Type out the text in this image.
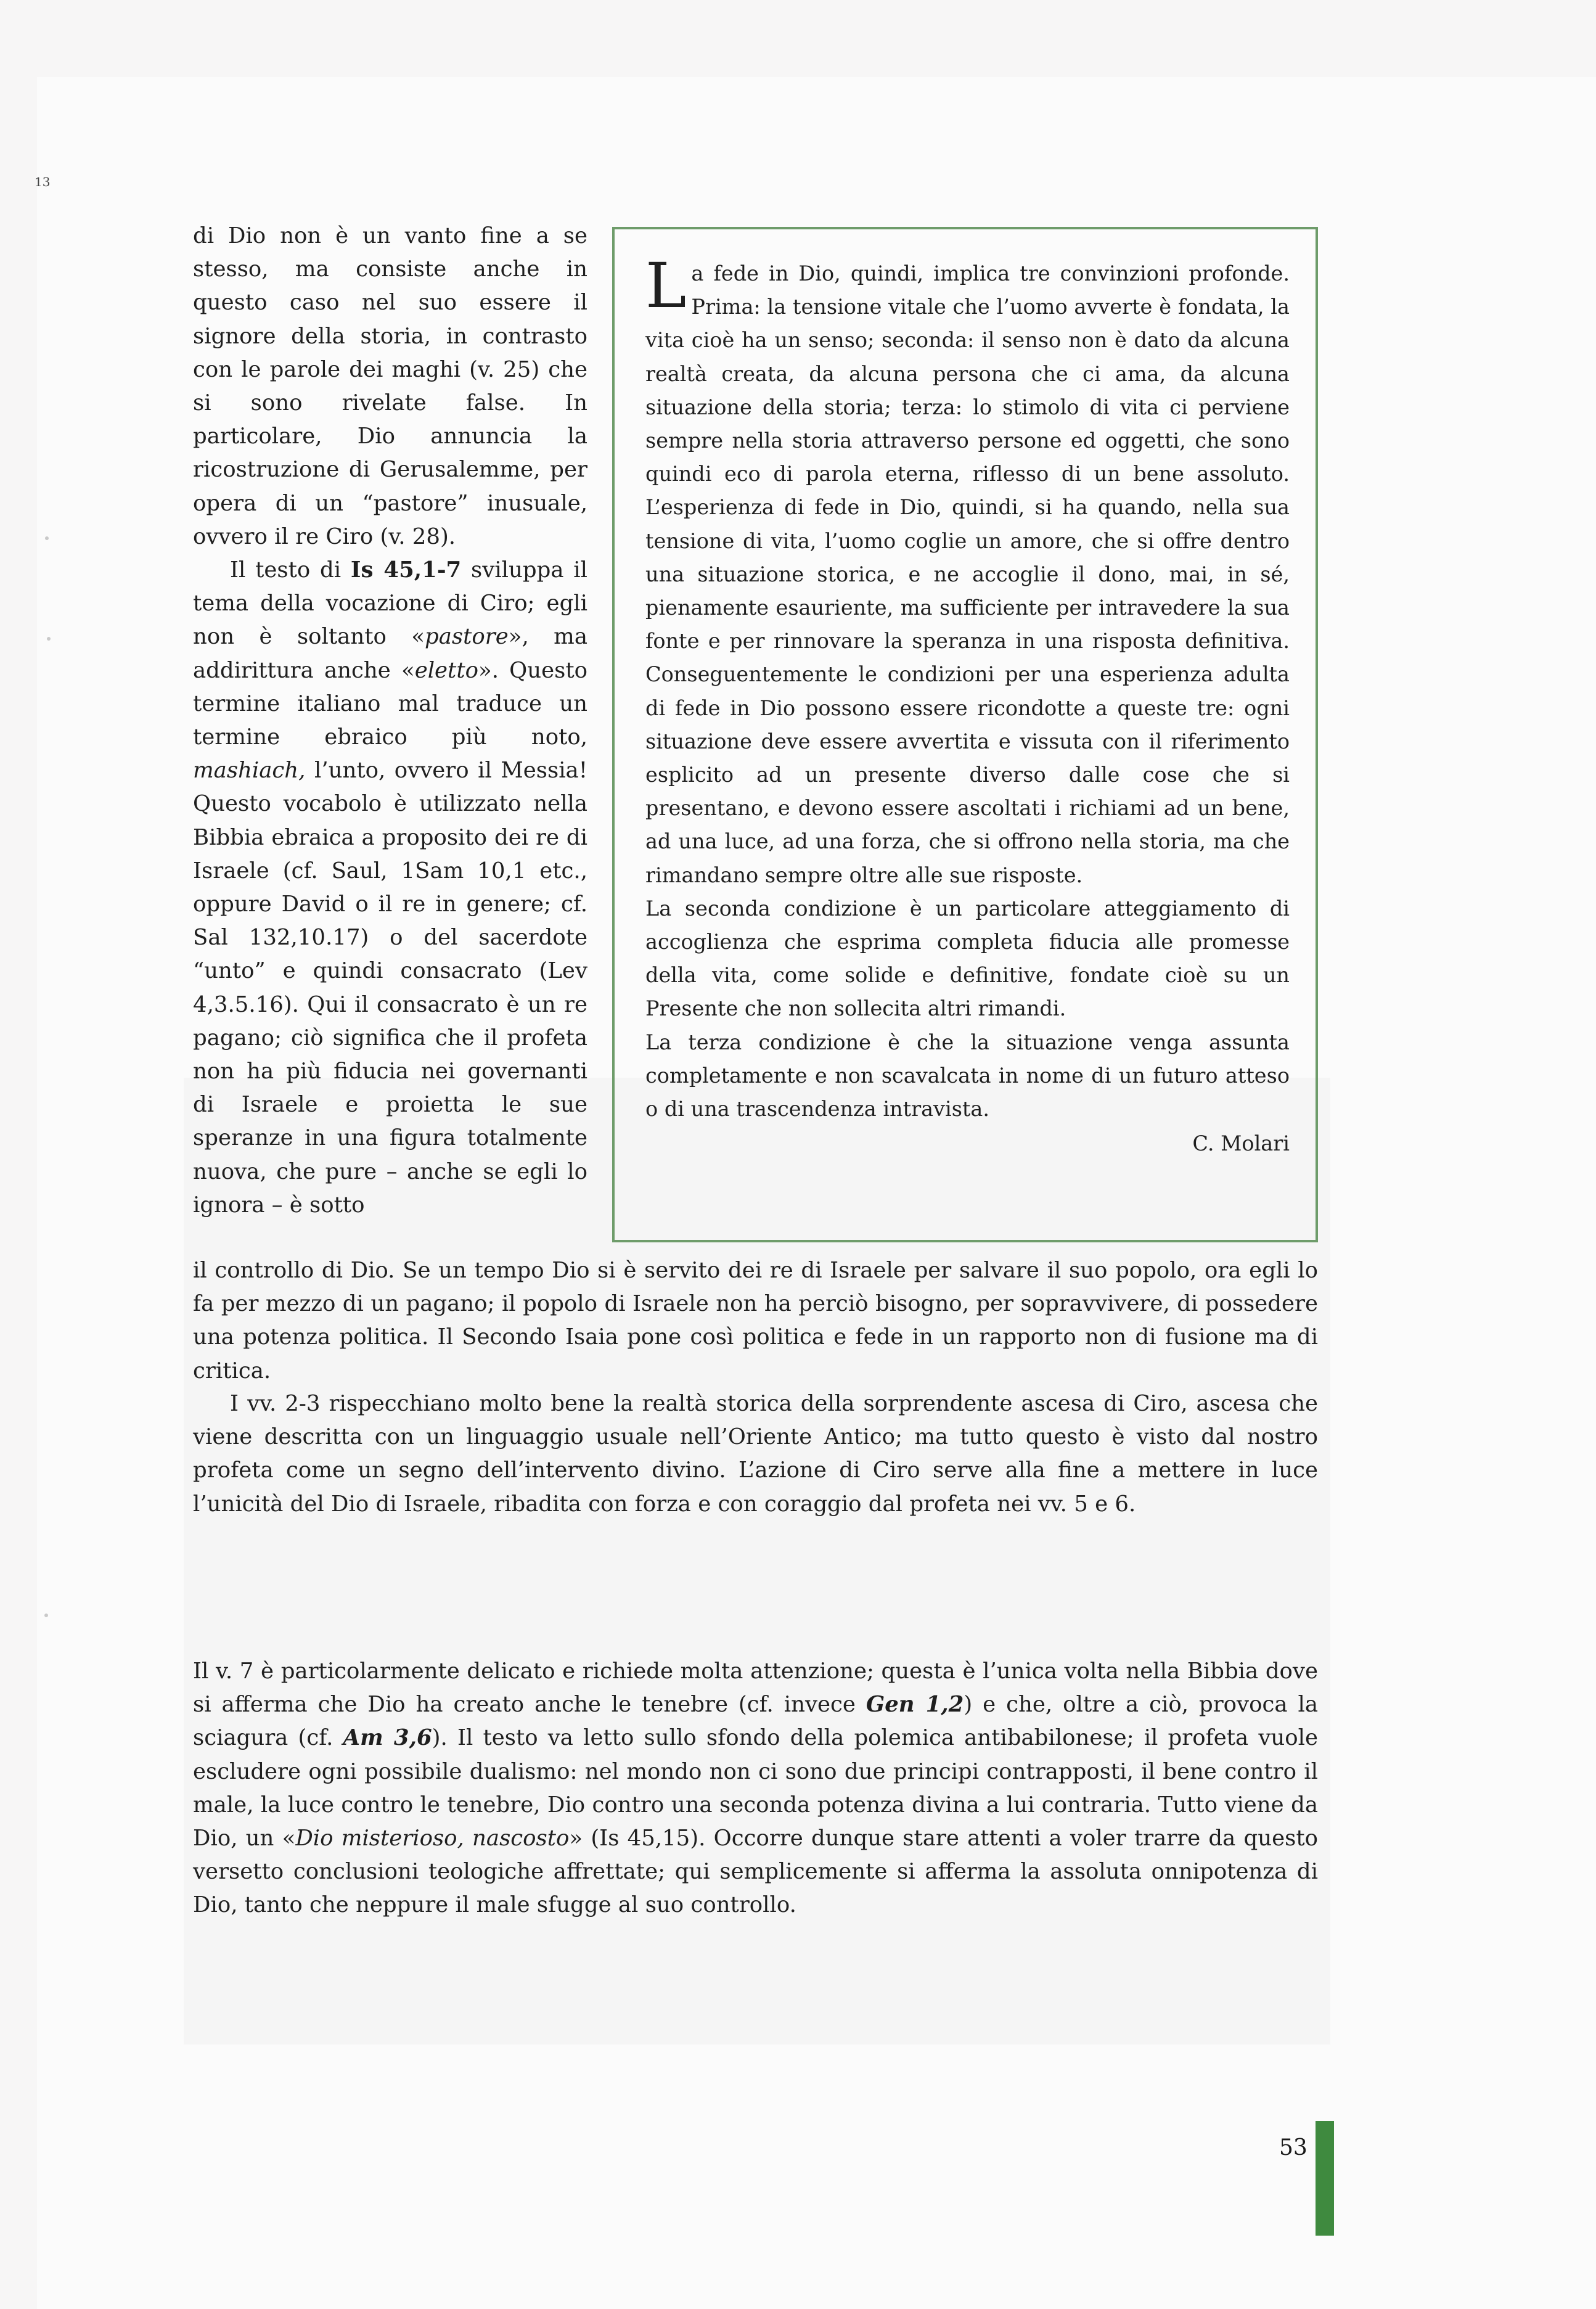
13

di Dio non è un vanto fine a se stesso, ma consiste anche in questo caso nel suo essere il signore della storia, in contrasto con le parole dei maghi (v. 25) che si sono rivelate false. In particolare, Dio annuncia la ricostruzione di Gerusalemme, per opera di un “pastore” inusuale, ovvero il re Ciro (v. 28).

Il testo di Is 45,1-7 sviluppa il tema della vocazione di Ciro; egli non è soltanto «pastore», ma addirittura anche «eletto». Questo termine italiano mal traduce un termine ebraico più noto, mashiach, l’unto, ovvero il Messia! Questo vocabolo è utilizzato nella Bibbia ebraica a proposito dei re di Israele (cf. Saul, 1Sam 10,1 etc., oppure David o il re in genere; cf. Sal 132,10.17) o del sacerdote “unto” e quindi consacrato (Lev 4,3.5.16). Qui il consacrato è un re pagano; ciò significa che il profeta non ha più fiducia nei governanti di Israele e proietta le sue speranze in una figura totalmente nuova, che pure – anche se egli lo ignora – è sotto

La fede in Dio, quindi, implica tre convinzioni profonde. Prima: la tensione vitale che l’uomo avverte è fondata, la vita cioè ha un senso; seconda: il senso non è dato da alcuna realtà creata, da alcuna persona che ci ama, da alcuna situazione della storia; terza: lo stimolo di vita ci perviene sempre nella storia attraverso persone ed oggetti, che sono quindi eco di parola eterna, riflesso di un bene assoluto. L’esperienza di fede in Dio, quindi, si ha quando, nella sua tensione di vita, l’uomo coglie un amore, che si offre dentro una situazione storica, e ne accoglie il dono, mai, in sé, pienamente esauriente, ma sufficiente per intravedere la sua fonte e per rinnovare la speranza in una risposta definitiva. Conseguentemente le condizioni per una esperienza adulta di fede in Dio possono essere ricondotte a queste tre: ogni situazione deve essere avvertita e vissuta con il riferimento esplicito ad un presente diverso dalle cose che si presentano, e devono essere ascoltati i richiami ad un bene, ad una luce, ad una forza, che si offrono nella storia, ma che rimandano sempre oltre alle sue risposte.

La seconda condizione è un particolare atteggiamento di accoglienza che esprima completa fiducia alle promesse della vita, come solide e definitive, fondate cioè su un Presente che non sollecita altri rimandi.

La terza condizione è che la situazione venga assunta completamente e non scavalcata in nome di un futuro atteso o di una trascendenza intravista.

C. Molari

il controllo di Dio. Se un tempo Dio si è servito dei re di Israele per salvare il suo popolo, ora egli lo fa per mezzo di un pagano; il popolo di Israele non ha perciò bisogno, per sopravvivere, di possedere una potenza politica. Il Secondo Isaia pone così politica e fede in un rapporto non di fusione ma di critica.

I vv. 2-3 rispecchiano molto bene la realtà storica della sorprendente ascesa di Ciro, ascesa che viene descritta con un linguaggio usuale nell’Oriente Antico; ma tutto questo è visto dal nostro profeta come un segno dell’intervento divino. L’azione di Ciro serve alla fine a mettere in luce l’unicità del Dio di Israele, ribadita con forza e con coraggio dal profeta nei vv. 5 e 6.

Il v. 7 è particolarmente delicato e richiede molta attenzione; questa è l’unica volta nella Bibbia dove si afferma che Dio ha creato anche le tenebre (cf. invece Gen 1,2) e che, oltre a ciò, provoca la sciagura (cf. Am 3,6). Il testo va letto sullo sfondo della polemica antibabilonese; il profeta vuole escludere ogni possibile dualismo: nel mondo non ci sono due principi contrapposti, il bene contro il male, la luce contro le tenebre, Dio contro una seconda potenza divina a lui contraria. Tutto viene da Dio, un «Dio misterioso, nascosto» (Is 45,15). Occorre dunque stare attenti a voler trarre da questo versetto conclusioni teologiche affrettate; qui semplicemente si afferma la assoluta onnipotenza di Dio, tanto che neppure il male sfugge al suo controllo.

53
